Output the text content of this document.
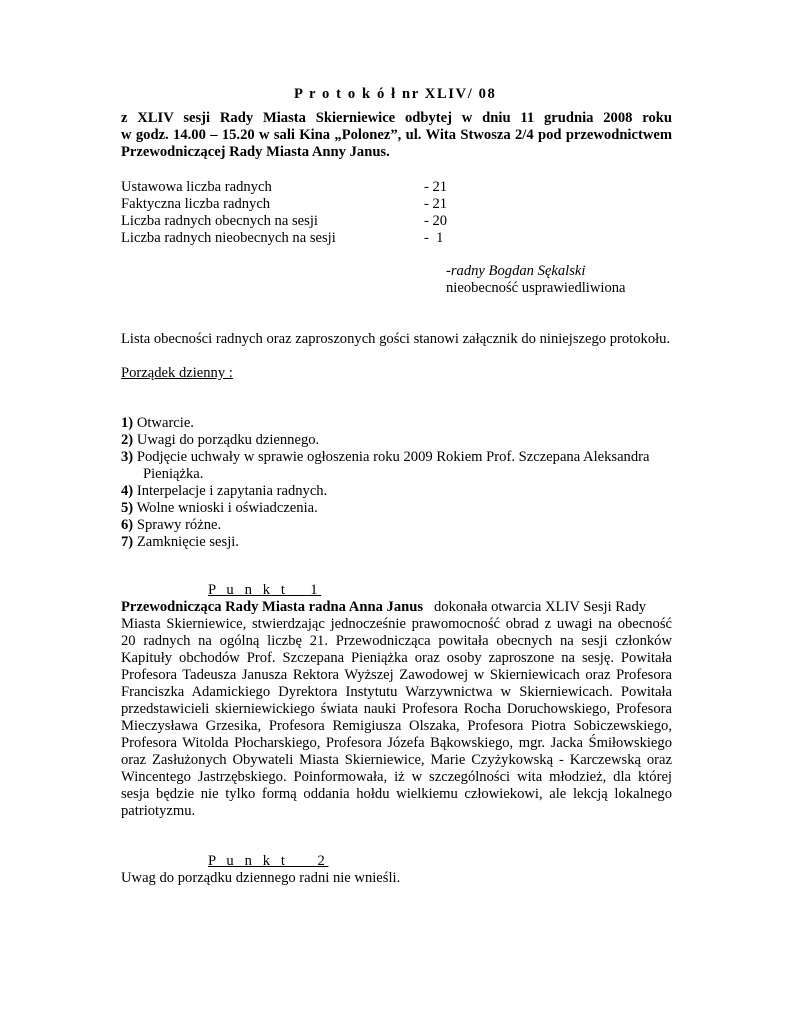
P r o t o k ó ł nr XLIV/ 08

z XLIV sesji Rady Miasta Skierniewice odbytej w dniu 11 grudnia 2008 roku

w godz. 14.00 – 15.20 w sali Kina „Polonez”, ul. Wita Stwosza 2/4 pod przewodnictwem

Przewodniczącej Rady Miasta Anny Janus.

Ustawowa liczba radnych	- 21
Faktyczna liczba radnych	- 21
Liczba radnych obecnych na sesji	- 20
Liczba radnych nieobecnych na sesji	-  1
-radny Bogdan Sękalski
nieobecność usprawiedliwiona
Lista obecności radnych oraz zaproszonych gości stanowi załącznik do niniejszego protokołu.
Porządek dzienny :
1) Otwarcie.
2) Uwagi do porządku dziennego.
3) Podjęcie uchwały w sprawie ogłoszenia roku 2009 Rokiem Prof. Szczepana Aleksandra
Pieniążka.
4) Interpelacje i zapytania radnych.
5) Wolne wnioski i oświadczenia.
6) Sprawy różne.
7) Zamknięcie sesji.
P u n k t   1

Przewodnicząca Rady Miasta radna Anna Janus dokonała otwarcia XLIV Sesji Rady

Miasta Skierniewice, stwierdzając jednocześnie prawomocność obrad z uwagi na obecność

20 radnych na ogólną liczbę 21. Przewodnicząca powitała obecnych na sesji członków

Kapituły obchodów Prof. Szczepana Pieniążka oraz osoby zaproszone na sesję. Powitała

Profesora Tadeusza Janusza Rektora Wyższej Zawodowej w Skierniewicach oraz Profesora

Franciszka Adamickiego Dyrektora Instytutu Warzywnictwa w Skierniewicach. Powitała

przedstawicieli skierniewickiego świata nauki Profesora Rocha Doruchowskiego, Profesora

Mieczysława Grzesika, Profesora Remigiusza Olszaka, Profesora Piotra Sobiczewskiego,

Profesora Witolda Płocharskiego, Profesora Józefa Bąkowskiego, mgr. Jacka Śmiłowskiego

oraz Zasłużonych Obywateli Miasta Skierniewice, Marie Czyżykowską - Karczewską oraz

Wincentego Jastrzębskiego. Poinformowała, iż w szczególności wita młodzież, dla której

sesja będzie nie tylko formą oddania hołdu wielkiemu człowiekowi, ale lekcją lokalnego

patriotyzmu.

P u n k t    2
Uwag do porządku dziennego radni nie wnieśli.
